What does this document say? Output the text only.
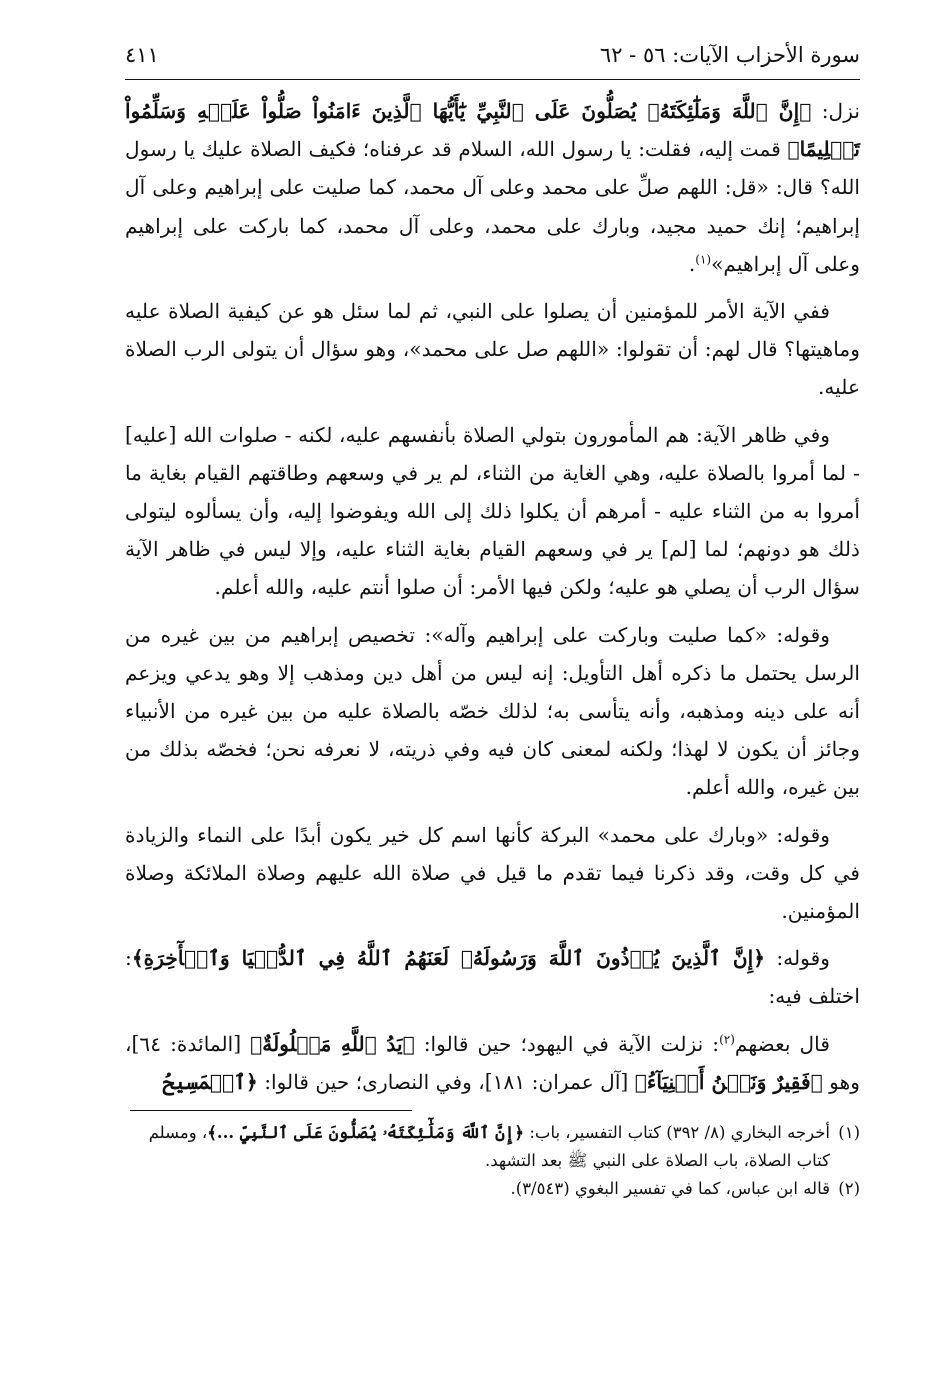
سورة الأحزاب الآيات: ٥٦ - ٦٢
٤١١

نزل: ﴿إِنَّ ٱللَّهَ وَمَلَٰٓئِكَتَهُۥ يُصَلُّونَ عَلَى ٱلنَّبِيِّ يَٰٓأَيُّهَا ٱلَّذِينَ ءَامَنُواْ صَلُّواْ عَلَيۡهِ وَسَلِّمُواْ تَسۡلِيمًا﴾ قمت إليه، فقلت: يا رسول الله، السلام قد عرفناه؛ فكيف الصلاة عليك يا رسول الله؟ قال: «قل: اللهم صلِّ على محمد وعلى آل محمد، كما صليت على إبراهيم وعلى آل إبراهيم؛ إنك حميد مجيد، وبارك على محمد، وعلى آل محمد، كما باركت على إبراهيم وعلى آل إبراهيم»$^{(١)}$.

ففي الآية الأمر للمؤمنين أن يصلوا على النبي، ثم لما سئل هو عن كيفية الصلاة عليه وماهيتها؟ قال لهم: أن تقولوا: «اللهم صل على محمد»، وهو سؤال أن يتولى الرب الصلاة عليه.

وفي ظاهر الآية: هم المأمورون بتولي الصلاة بأنفسهم عليه، لكنه - صلوات الله [عليه] - لما أمروا بالصلاة عليه، وهي الغاية من الثناء، لم ير في وسعهم وطاقتهم القيام بغاية ما أمروا به من الثناء عليه - أمرهم أن يكلوا ذلك إلى الله ويفوضوا إليه، وأن يسألوه ليتولى ذلك هو دونهم؛ لما [لم] ير في وسعهم القيام بغاية الثناء عليه، وإلا ليس في ظاهر الآية سؤال الرب أن يصلي هو عليه؛ ولكن فيها الأمر: أن صلوا أنتم عليه، والله أعلم.

وقوله: «كما صليت وباركت على إبراهيم وآله»: تخصيص إبراهيم من بين غيره من الرسل يحتمل ما ذكره أهل التأويل: إنه ليس من أهل دين ومذهب إلا وهو يدعي ويزعم أنه على دينه ومذهبه، وأنه يتأسى به؛ لذلك خصّه بالصلاة عليه من بين غيره من الأنبياء وجائز أن يكون لا لهذا؛ ولكنه لمعنى كان فيه وفي ذريته، لا نعرفه نحن؛ فخصّه بذلك من بين غيره، والله أعلم.

وقوله: «وبارك على محمد» البركة كأنها اسم كل خير يكون أبدًا على النماء والزيادة في كل وقت، وقد ذكرنا فيما تقدم ما قيل في صلاة الله عليهم وصلاة الملائكة وصلاة المؤمنين.

وقوله: ﴿إِنَّ ٱلَّذِينَ يُؤۡذُونَ ٱللَّهَ وَرَسُولَهُۥ لَعَنَهُمُ ٱللَّهُ فِي ٱلدُّنۡيَا وَٱلۡأٓخِرَةِ﴾: اختلف فيه:

قال بعضهم$^{(٢)}$: نزلت الآية في اليهود؛ حين قالوا: ﴿يَدُ ٱللَّهِ مَغۡلُولَةٌ﴾ [المائدة: ٦٤]، وهو ﴿فَقِيرٌ وَنَحۡنُ أَغۡنِيَآءُ﴾ [آل عمران: ١٨١]، وفي النصارى؛ حين قالوا: ﴿ٱلۡمَسِيحُ

(١)أخرجه البخاري (٨/ ٣٩٢) كتاب التفسير، باب: ﴿إِنَّ ٱللَّهَ وَمَلَٰٓئِكَتَهُۥ يُصَلُّونَ عَلَى ٱلنَّبِيِّ ...﴾، ومسلم

كتاب الصلاة، باب الصلاة على النبي ﷺ بعد التشهد.

(٢)قاله ابن عباس، كما في تفسير البغوي (٣/٥٤٣).
